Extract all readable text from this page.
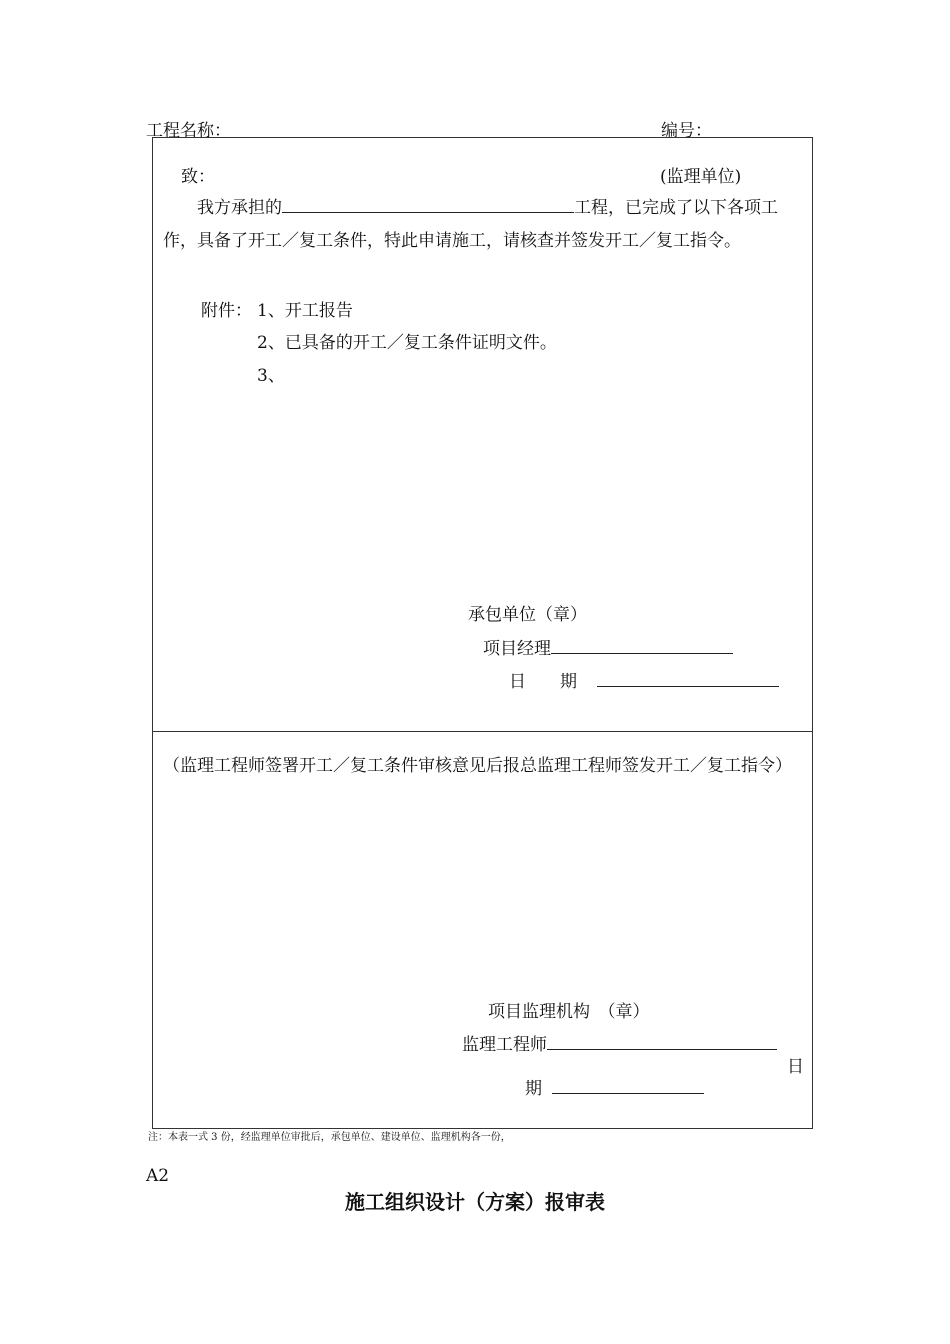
工程名称：	编号：
致：	(监理单位)
我方承担的	工程，已完成了以下各项工作，具备了开工／复工条件，特此申请施工，请核查并签发开工／复工指令。
附件： 1、开工报告
2、已具备的开工／复工条件证明文件。
3、
承包单位（章）
项目经理
日　　期
（监理工程师签署开工／复工条件审核意见后报总监理工程师签发开工／复工指令）
项目监理机构　（章）
监理工程师
日
期
注：本表一式 3 份，经监理单位审批后，承包单位、建设单位、监理机构各一份，
A2
施工组织设计（方案）报审表
